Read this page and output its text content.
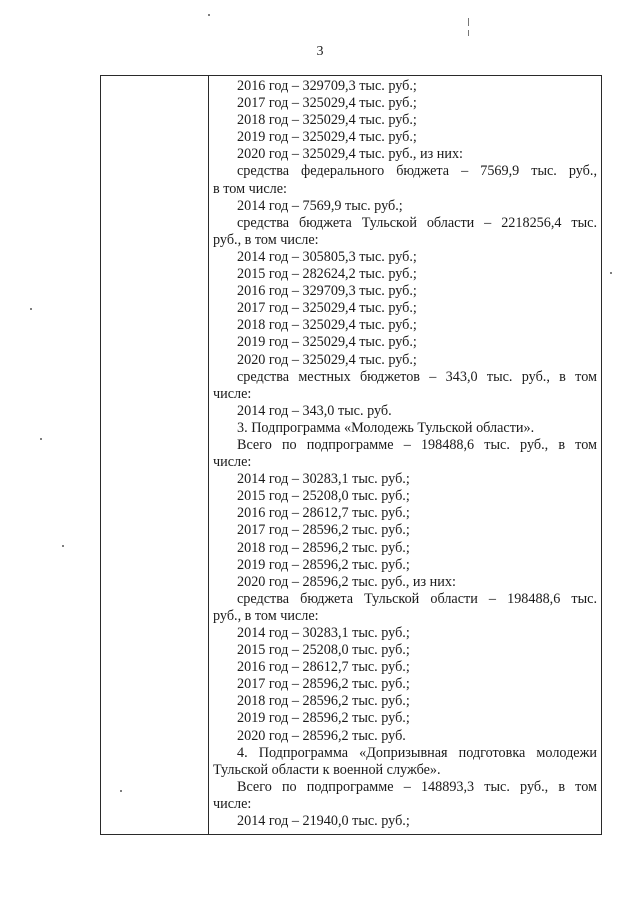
3
2016 год – 329709,3 тыс. руб.;
2017 год – 325029,4 тыс. руб.;
2018 год – 325029,4 тыс. руб.;
2019 год – 325029,4 тыс. руб.;
2020 год – 325029,4 тыс. руб., из них:
средства федерального бюджета – 7569,9 тыс. руб.,
в том числе:
2014 год – 7569,9 тыс. руб.;
средства бюджета Тульской области – 2218256,4 тыс.
руб., в том числе:
2014 год – 305805,3 тыс. руб.;
2015 год – 282624,2 тыс. руб.;
2016 год – 329709,3 тыс. руб.;
2017 год – 325029,4 тыс. руб.;
2018 год – 325029,4 тыс. руб.;
2019 год – 325029,4 тыс. руб.;
2020 год – 325029,4 тыс. руб.;
средства местных бюджетов – 343,0 тыс. руб., в том
числе:
2014 год – 343,0 тыс. руб.
3. Подпрограмма «Молодежь Тульской области».
Всего по подпрограмме – 198488,6 тыс. руб., в том
числе:
2014 год – 30283,1 тыс. руб.;
2015 год – 25208,0 тыс. руб.;
2016 год – 28612,7 тыс. руб.;
2017 год – 28596,2 тыс. руб.;
2018 год – 28596,2 тыс. руб.;
2019 год – 28596,2 тыс. руб.;
2020 год – 28596,2 тыс. руб., из них:
средства бюджета Тульской области – 198488,6 тыс.
руб., в том числе:
2014 год – 30283,1 тыс. руб.;
2015 год – 25208,0 тыс. руб.;
2016 год – 28612,7 тыс. руб.;
2017 год – 28596,2 тыс. руб.;
2018 год – 28596,2 тыс. руб.;
2019 год – 28596,2 тыс. руб.;
2020 год – 28596,2 тыс. руб.
4. Подпрограмма «Допризывная подготовка молодежи
Тульской области к военной службе».
Всего по подпрограмме – 148893,3 тыс. руб., в том
числе:
2014 год – 21940,0 тыс. руб.;
